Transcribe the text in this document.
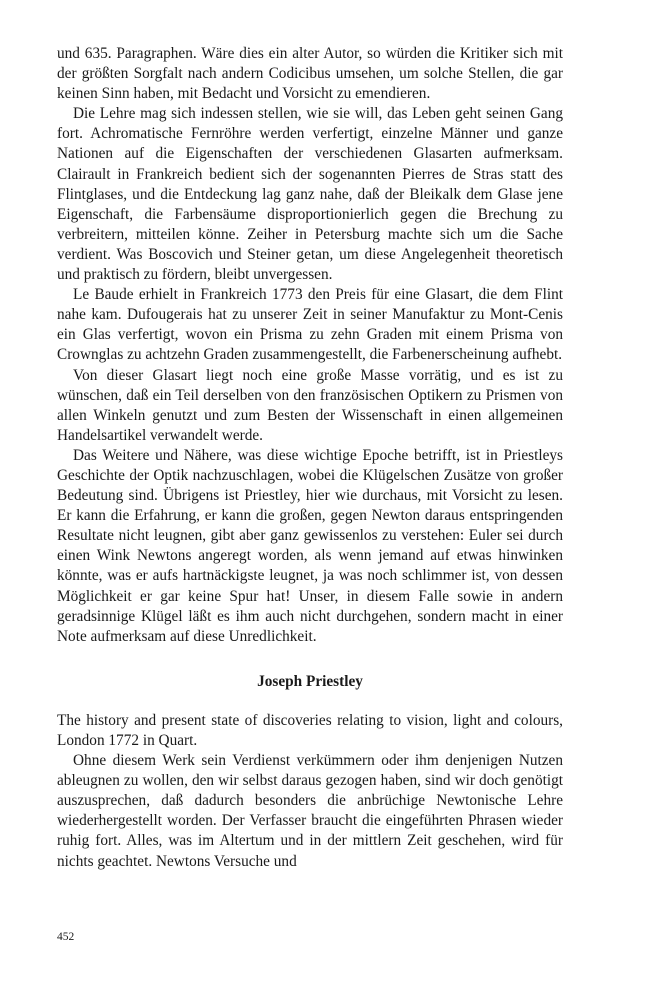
und 635. Paragraphen. Wäre dies ein alter Autor, so würden die Kritiker sich mit der größten Sorgfalt nach andern Codicibus umsehen, um solche Stellen, die gar keinen Sinn haben, mit Bedacht und Vorsicht zu emendieren.

Die Lehre mag sich indessen stellen, wie sie will, das Leben geht seinen Gang fort. Achromatische Fernröhre werden verfertigt, einzelne Männer und ganze Nationen auf die Eigenschaften der verschiedenen Glasarten aufmerksam. Clairault in Frankreich bedient sich der sogenannten Pierres de Stras statt des Flintglases, und die Entdeckung lag ganz nahe, daß der Bleikalk dem Glase jene Eigenschaft, die Farbensäume disproportionierlich gegen die Brechung zu verbreitern, mitteilen könne. Zeiher in Petersburg machte sich um die Sache verdient. Was Boscovich und Steiner getan, um diese Angelegenheit theoretisch und praktisch zu fördern, bleibt unvergessen.

Le Baude erhielt in Frankreich 1773 den Preis für eine Glasart, die dem Flint nahe kam. Dufougerais hat zu unserer Zeit in seiner Manufaktur zu Mont-Cenis ein Glas verfertigt, wovon ein Prisma zu zehn Graden mit einem Prisma von Crownglas zu achtzehn Graden zusammengestellt, die Farbenerscheinung aufhebt.

Von dieser Glasart liegt noch eine große Masse vorrätig, und es ist zu wünschen, daß ein Teil derselben von den französischen Optikern zu Prismen von allen Winkeln genutzt und zum Besten der Wissenschaft in einen allgemeinen Handelsartikel verwandelt werde.

Das Weitere und Nähere, was diese wichtige Epoche betrifft, ist in Priestleys Geschichte der Optik nachzuschlagen, wobei die Klügelschen Zusätze von großer Bedeutung sind. Übrigens ist Priestley, hier wie durchaus, mit Vorsicht zu lesen. Er kann die Erfahrung, er kann die großen, gegen Newton daraus entspringenden Resultate nicht leugnen, gibt aber ganz gewissenlos zu verstehen: Euler sei durch einen Wink Newtons angeregt worden, als wenn jemand auf etwas hinwinken könnte, was er aufs hartnäckigste leugnet, ja was noch schlimmer ist, von dessen Möglichkeit er gar keine Spur hat! Unser, in diesem Falle sowie in andern geradsinnige Klügel läßt es ihm auch nicht durchgehen, sondern macht in einer Note aufmerksam auf diese Unredlichkeit.

Joseph Priestley

The history and present state of discoveries relating to vision, light and colours, London 1772 in Quart.

Ohne diesem Werk sein Verdienst verkümmern oder ihm denjenigen Nutzen ableugnen zu wollen, den wir selbst daraus gezogen haben, sind wir doch genötigt auszusprechen, daß dadurch besonders die anbrüchige Newtonische Lehre wiederhergestellt worden. Der Verfasser braucht die eingeführten Phrasen wieder ruhig fort. Alles, was im Altertum und in der mittlern Zeit geschehen, wird für nichts geachtet. Newtons Versuche und

452
